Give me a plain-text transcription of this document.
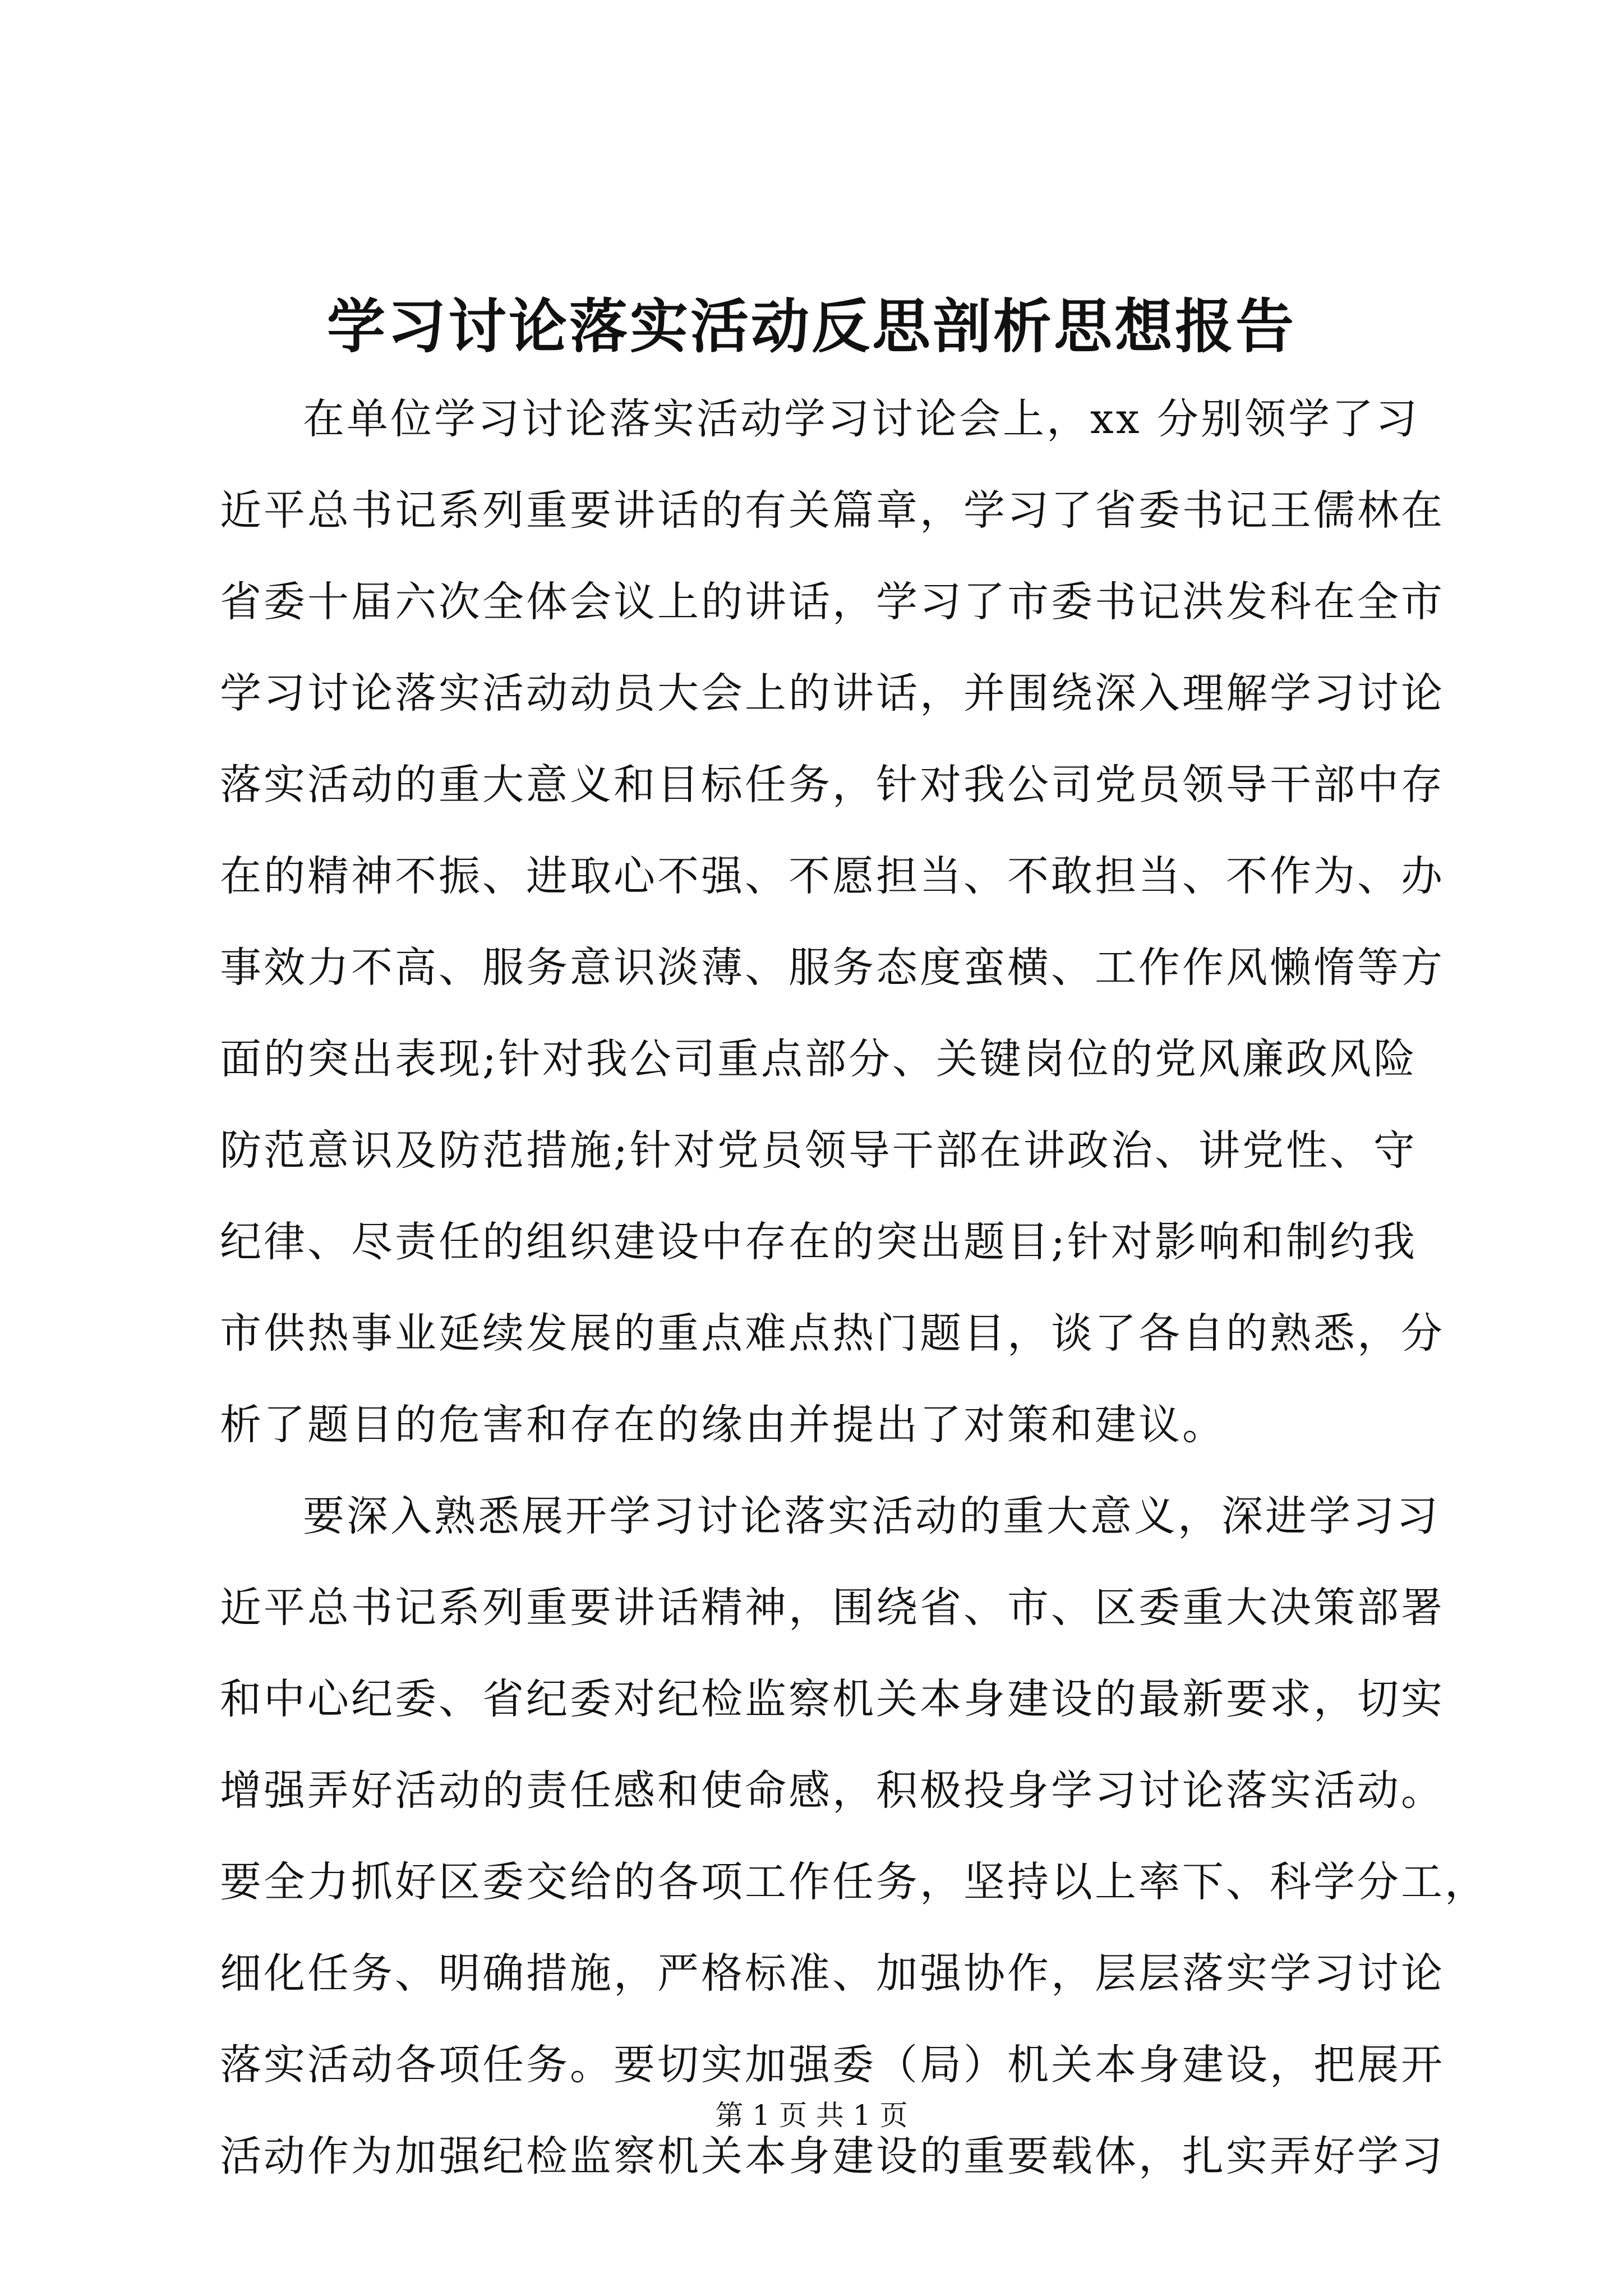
学习讨论落实活动反思剖析思想报告
在单位学习讨论落实活动学习讨论会上，xx 分别领学了习
近平总书记系列重要讲话的有关篇章，学习了省委书记王儒林在
省委十届六次全体会议上的讲话，学习了市委书记洪发科在全市
学习讨论落实活动动员大会上的讲话，并围绕深入理解学习讨论
落实活动的重大意义和目标任务，针对我公司党员领导干部中存
在的精神不振、进取心不强、不愿担当、不敢担当、不作为、办
事效力不高、服务意识淡薄、服务态度蛮横、工作作风懒惰等方
面的突出表现;针对我公司重点部分、关键岗位的党风廉政风险
防范意识及防范措施;针对党员领导干部在讲政治、讲党性、守
纪律、尽责任的组织建设中存在的突出题目;针对影响和制约我
市供热事业延续发展的重点难点热门题目，谈了各自的熟悉，分
析了题目的危害和存在的缘由并提出了对策和建议。
要深入熟悉展开学习讨论落实活动的重大意义，深进学习习
近平总书记系列重要讲话精神，围绕省、市、区委重大决策部署
和中心纪委、省纪委对纪检监察机关本身建设的最新要求，切实
增强弄好活动的责任感和使命感，积极投身学习讨论落实活动。
要全力抓好区委交给的各项工作任务，坚持以上率下、科学分工，
细化任务、明确措施，严格标准、加强协作，层层落实学习讨论
落实活动各项任务。要切实加强委（局）机关本身建设，把展开
活动作为加强纪检监察机关本身建设的重要载体，扎实弄好学习
第 1 页 共 1 页
